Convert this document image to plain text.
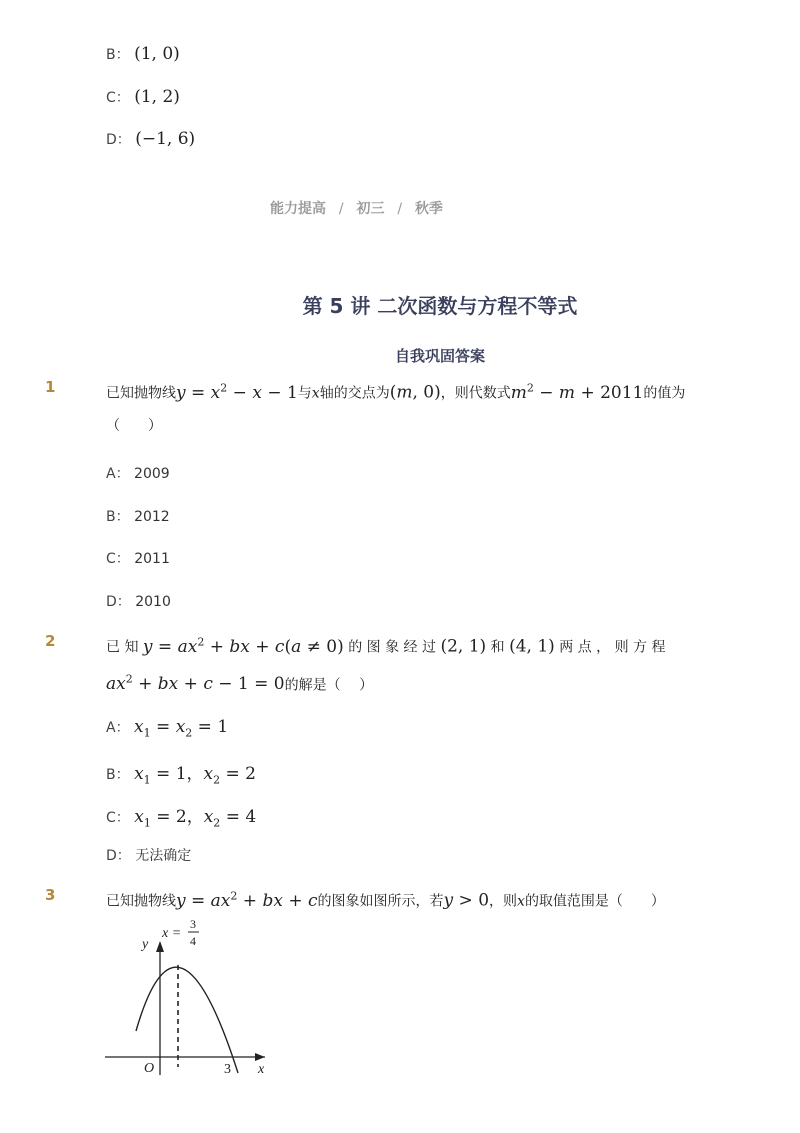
B： (1, 0)
C： (1, 2)
D： (−1, 6)
能力提高 / 初三 / 秋季
第 5 讲 二次函数与方程不等式
自我巩固答案
1	已知抛物线$y = x^2 - x - 1$与x轴的交点为(m, 0)，则代数式$m^2 - m + 2011$的值为
（　　）
A： 2009
B： 2012
C： 2011
D： 2010
2	已 知 $y = ax^2$ + bx + c(a ≠ 0) 的 图 象 经 过 (2, 1) 和 (4, 1) 两 点 ， 则 方 程
$ax^2$ + bx + c − 1 = 0的解是（　 ）
A： $x_1 = x_2 = 1$
B： $x_1 = 1$，$x_2 = 2$
C： $x_1 = 2$，$x_2 = 4$
D： 无法确定
3	已知抛物线$y = ax^2$ + bx + c的图象如图所示，若y > 0，则x的取值范围是（　　）
y
x
O	3
x =
3
4
